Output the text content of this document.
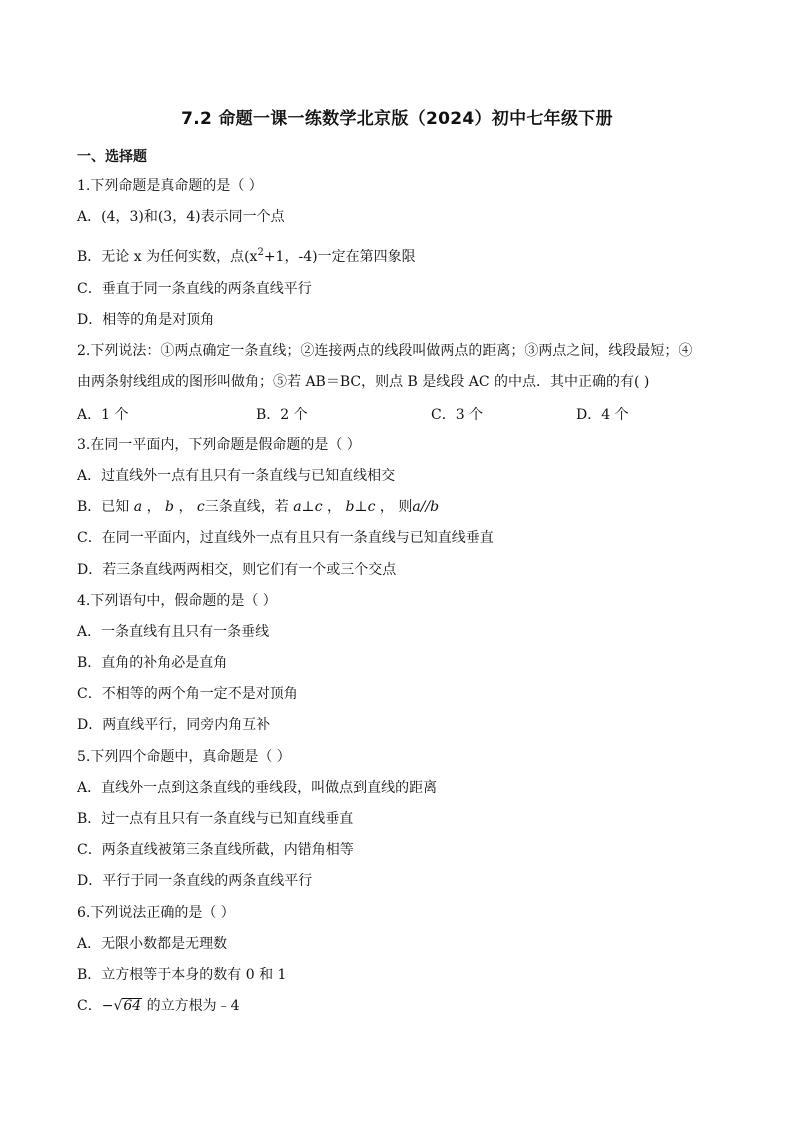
7.2 命题一课一练数学北京版（2024）初中七年级下册
一、选择题
1.下列命题是真命题的是（ ）
A．(4，3)和(3，4)表示同一个点
B．无论 x 为任何实数，点($x^2+1$，-4)一定在第四象限
C．垂直于同一条直线的两条直线平行
D．相等的角是对顶角
2.下列说法：①两点确定一条直线；②连接两点的线段叫做两点的距离；③两点之间，线段最短；④
由两条射线组成的图形叫做角；⑤若 AB＝BC，则点 B 是线段 AC 的中点．其中正确的有( )
A．1 个	B．2 个	C．3 个	D．4 个
3.在同一平面内，下列命题是假命题的是（ ）
A．过直线外一点有且只有一条直线与已知直线相交
B．已知 a ， b ， c三条直线，若 a⊥c ， b⊥c ， 则a//b
C．在同一平面内，过直线外一点有且只有一条直线与已知直线垂直
D．若三条直线两两相交，则它们有一个或三个交点
4.下列语句中，假命题的是（ ）
A．一条直线有且只有一条垂线
B．直角的补角必是直角
C．不相等的两个角一定不是对顶角
D．两直线平行，同旁内角互补
5.下列四个命题中，真命题是（ ）
A．直线外一点到这条直线的垂线段，叫做点到直线的距离
B．过一点有且只有一条直线与已知直线垂直
C．两条直线被第三条直线所截，内错角相等
D．平行于同一条直线的两条直线平行
6.下列说法正确的是（ ）
A．无限小数都是无理数
B．立方根等于本身的数有 0 和 1
C．−√64 的立方根为﹣4
